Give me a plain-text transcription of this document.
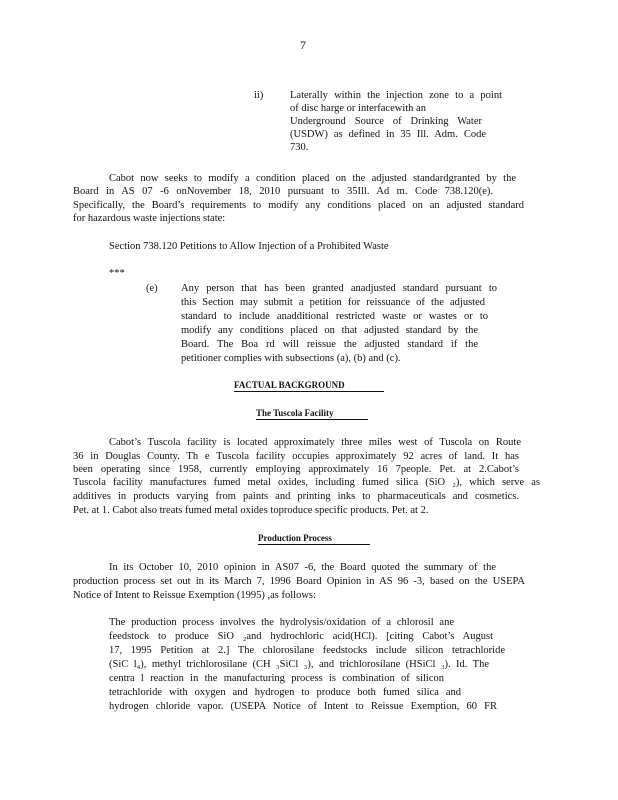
7
ii)	Laterally within the injection zone to a point
of disc harge or interfacewith an
Underground Source of Drinking Water
(USDW) as defined in 35 Ill. Adm. Code
730.
Cabot now seeks to modify a condition placed on the adjusted standardgranted by the
Board in AS 07 -6 onNovember 18, 2010 pursuant to 35Ill. Ad m. Code 738.120(e).
Specifically, the Board’s requirements to modify any conditions placed on an adjusted standard
for hazardous waste injections state:
Section 738.120 Petitions to Allow Injection of a Prohibited Waste
***
(e) Any person that has been granted anadjusted standard pursuant to
this Section may submit a petition for reissuance of the adjusted
standard to include anadditional restricted waste or wastes or to
modify any conditions placed on that adjusted standard by the
Board. The Boa rd will reissue the adjusted standard if the
petitioner complies with subsections (a), (b) and (c).
FACTUAL BACKGROUND
The Tuscola Facility
Cabot’s Tuscola facility is located approximately three miles west of Tuscola on Route
36 in Douglas County. Th e Tuscola facility occupies approximately 92 acres of land. It has
been operating since 1958, currently employing approximately 16 7people. Pet. at 2.Cabot’s
Tuscola facility manufactures fumed metal oxides, including fumed silica (SiO ₂), which serve as
additives in products varying from paints and printing inks to pharmaceuticals and cosmetics.
Pet. at 1. Cabot also treats fumed metal oxides toproduce specific products. Pet. at 2.
Production Process
In its October 10, 2010 opinion in AS07 -6, the Board quoted the summary of the
production process set out in its March 7, 1996 Board Opinion in AS 96 -3, based on the USEPA
Notice of Intent to Reissue Exemption (1995) ,as follows:
The production process involves the hydrolysis/oxidation of a chlorosil ane
feedstock to produce SiO ₂and hydrochloric acid(HCl). [citing Cabot’s August
17, 1995 Petition at 2.] The chlorosilane feedstocks include silicon tetrachloride
(SiC l₄), methyl trichlorosilane (CH ₃SiCl ₃), and trichlorosilane (HSiCl ₃). Id. The
centra l reaction in the manufacturing process is combination of silicon
tetrachloride with oxygen and hydrogen to produce both fumed silica and
hydrogen chloride vapor. (USEPA Notice of Intent to Reissue Exemption, 60 FR
